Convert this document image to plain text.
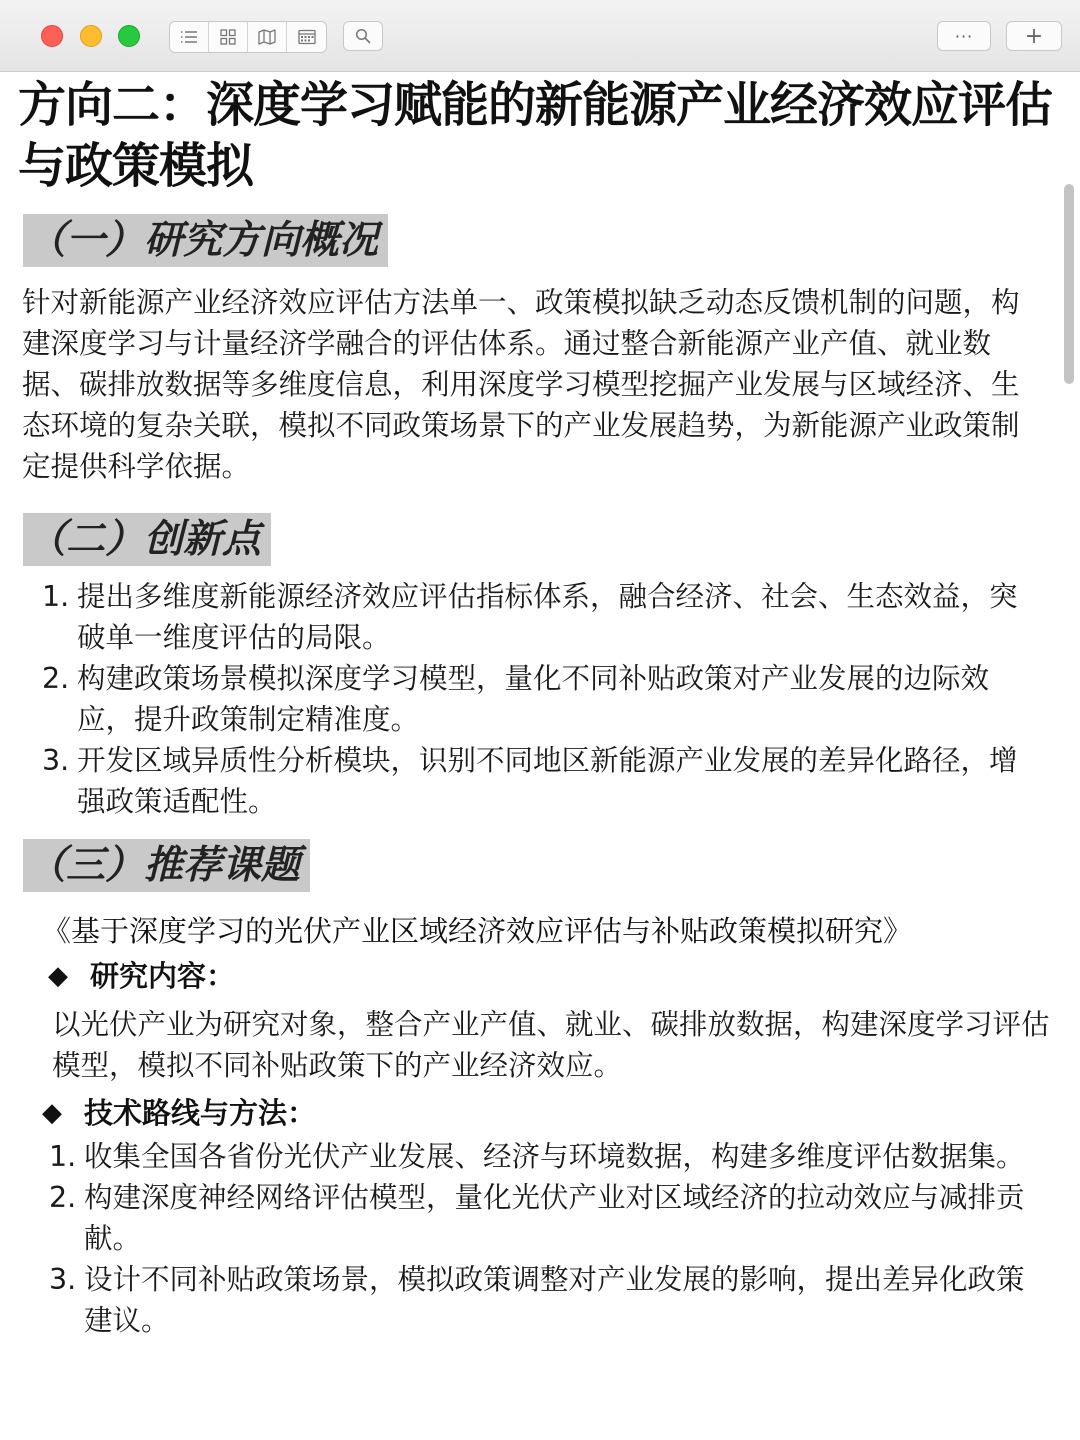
··· +
方向二：深度学习赋能的新能源产业经济效应评估与政策模拟
（一）研究方向概况

针对新能源产业经济效应评估方法单一、政策模拟缺乏动态反馈机制的问题，构建深度学习与计量经济学融合的评估体系。通过整合新能源产业产值、就业数据、碳排放数据等多维度信息，利用深度学习模型挖掘产业发展与区域经济、生态环境的复杂关联，模拟不同政策场景下的产业发展趋势，为新能源产业政策制定提供科学依据。

（二）创新点
1. 提出多维度新能源经济效应评估指标体系，融合经济、社会、生态效益，突破单一维度评估的局限。
2. 构建政策场景模拟深度学习模型，量化不同补贴政策对产业发展的边际效应，提升政策制定精准度。
3. 开发区域异质性分析模块，识别不同地区新能源产业发展的差异化路径，增强政策适配性。
（三）推荐课题

《基于深度学习的光伏产业区域经济效应评估与补贴政策模拟研究》

◆ 研究内容：

以光伏产业为研究对象，整合产业产值、就业、碳排放数据，构建深度学习评估模型，模拟不同补贴政策下的产业经济效应。

◆ 技术路线与方法：
1. 收集全国各省份光伏产业发展、经济与环境数据，构建多维度评估数据集。
2. 构建深度神经网络评估模型，量化光伏产业对区域经济的拉动效应与减排贡献。
3. 设计不同补贴政策场景，模拟政策调整对产业发展的影响，提出差异化政策建议。
